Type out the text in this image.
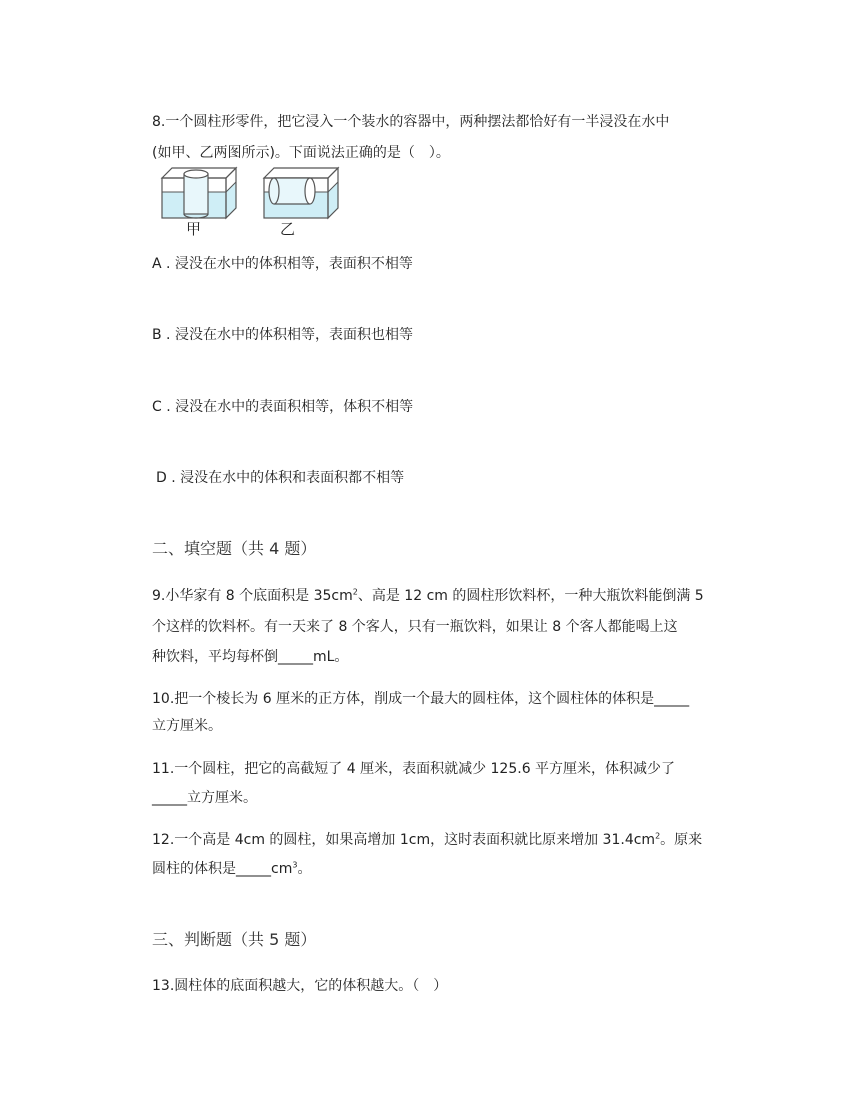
8.一个圆柱形零件，把它浸入一个装水的容器中，两种摆法都恰好有一半浸没在水中
(如甲、乙两图所示)。下面说法正确的是（　）。
甲	乙
A . 浸没在水中的体积相等，表面积不相等
B . 浸没在水中的体积相等，表面积也相等
C . 浸没在水中的表面积相等，体积不相等
D . 浸没在水中的体积和表面积都不相等
二、填空题（共 4 题）
9.小华家有 8 个底面积是 $35cm^2$、高是 12 cm 的圆柱形饮料杯，一种大瓶饮料能倒满 5
个这样的饮料杯。有一天来了 8 个客人，只有一瓶饮料，如果让 8 个客人都能喝上这
种饮料，平均每杯倒_____mL。
10.把一个棱长为 6 厘米的正方体，削成一个最大的圆柱体，这个圆柱体的体积是_____
立方厘米。
11.一个圆柱，把它的高截短了 4 厘米，表面积就减少 125.6 平方厘米，体积减少了
_____立方厘米。
12.一个高是 4cm 的圆柱，如果高增加 1cm，这时表面积就比原来增加 $31.4cm^2$。原来
圆柱的体积是$\_\_\_\_\_cm^3$。
三、判断题（共 5 题）
13.圆柱体的底面积越大，它的体积越大。（　）
